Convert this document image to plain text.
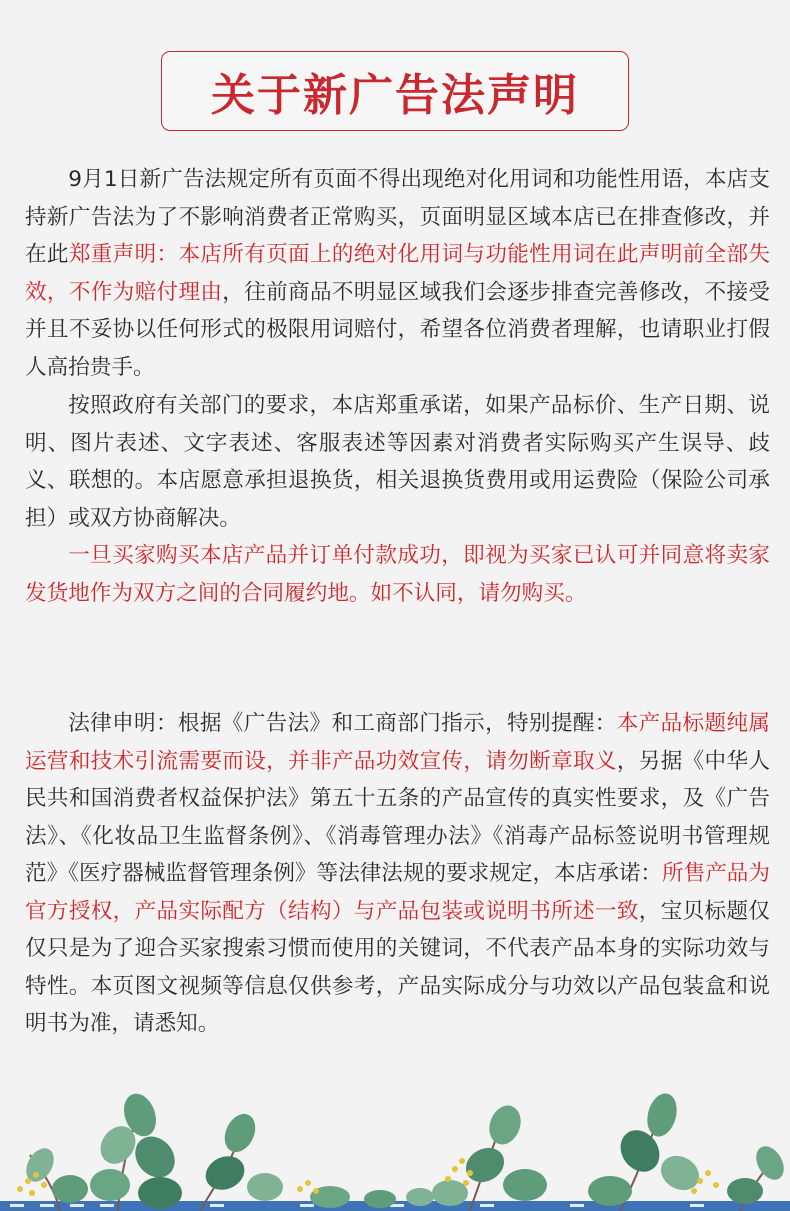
关于新广告法声明

9月1日新广告法规定所有页面不得出现绝对化用词和功能性用语，本店支持新广告法为了不影响消费者正常购买，页面明显区域本店已在排查修改，并在此郑重声明：本店所有页面上的绝对化用词与功能性用词在此声明前全部失效，不作为赔付理由，往前商品不明显区域我们会逐步排查完善修改，不接受并且不妥协以任何形式的极限用词赔付，希望各位消费者理解，也请职业打假人高抬贵手。

按照政府有关部门的要求，本店郑重承诺，如果产品标价、生产日期、说明、图片表述、文字表述、客服表述等因素对消费者实际购买产生误导、歧义、联想的。本店愿意承担退换货，相关退换货费用或用运费险（保险公司承担）或双方协商解决。

一旦买家购买本店产品并订单付款成功，即视为买家已认可并同意将卖家发货地作为双方之间的合同履约地。如不认同，请勿购买。

法律申明：根据《广告法》和工商部门指示，特别提醒：本产品标题纯属运营和技术引流需要而设，并非产品功效宣传，请勿断章取义，另据《中华人民共和国消费者权益保护法》第五十五条的产品宣传的真实性要求，及《广告法》、《化妆品卫生监督条例》、《消毒管理办法》《消毒产品标签说明书管理规范》《医疗器械监督管理条例》等法律法规的要求规定，本店承诺：所售产品为官方授权，产品实际配方（结构）与产品包装或说明书所述一致，宝贝标题仅仅只是为了迎合买家搜索习惯而使用的关键词，不代表产品本身的实际功效与特性。本页图文视频等信息仅供参考，产品实际成分与功效以产品包装盒和说明书为准，请悉知。
